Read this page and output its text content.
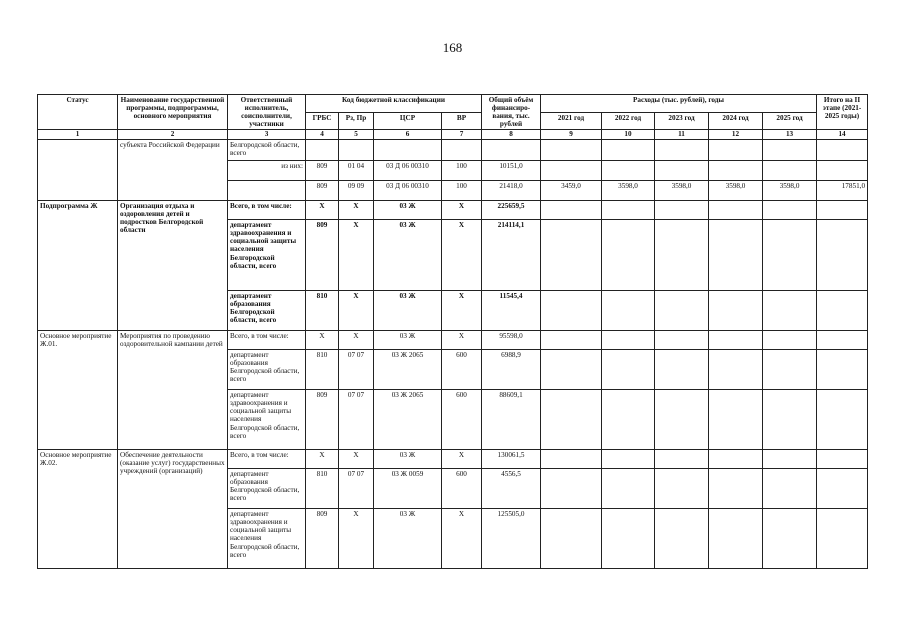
168
Статус	Наименование государственной программы, подпрограммы, основного мероприятия	Ответственный исполнитель, соисполнители, участники	Код бюджетной классификации				Общий объём финансиро-вания, тыс. рублей	Расходы (тыс. рублей), годы					Итого на II этапе (2021-2025 годы)
			ГРБС	Рз, Пр	ЦСР	ВР		2021 год	2022 год	2023 год	2024 год	2025 год	
1	2	3	4	5	6	7	8	9	10	11	12	13	14
	субъекта Российской Федерации	Белгородской области, всего											
		из них:	809	01 04	03 Д 06 00310	100	10151,0						
			809	09 09	03 Д 06 00310	100	21418,0	3459,0	3598,0	3598,0	3598,0	3598,0	17851,0
Подпрограмма Ж	Организация отдыха и оздоровления детей и подростков Белгородской области	Всего, в том числе:	Х	Х	03 Ж	Х	225659,5						
		департамент здравоохранения и социальной защиты населения Белгородской области, всего	809	Х	03 Ж	Х	214114,1						
		департамент образования Белгородской области, всего	810	Х	03 Ж	Х	11545,4						
Основное мероприятие Ж.01.	Мероприятия по проведению оздоровительной кампании детей	Всего, в том числе:	Х	Х	03 Ж	Х	95598,0						
		департамент образования Белгородской области, всего	810	07 07	03 Ж 2065	600	6988,9						
		департамент здравоохранения и социальной защиты населения Белгородской области, всего	809	07 07	03 Ж 2065	600	88609,1						
Основное мероприятие Ж.02.	Обеспечение деятельности (оказание услуг) государственных учреждений (организаций)	Всего, в том числе:	Х	Х	03 Ж	Х	130061,5						
		департамент образования Белгородской области, всего	810	07 07	03 Ж 0059	600	4556,5						
		департамент здравоохранения и социальной защиты населения Белгородской области, всего	809	Х	03 Ж	Х	125505,0						
